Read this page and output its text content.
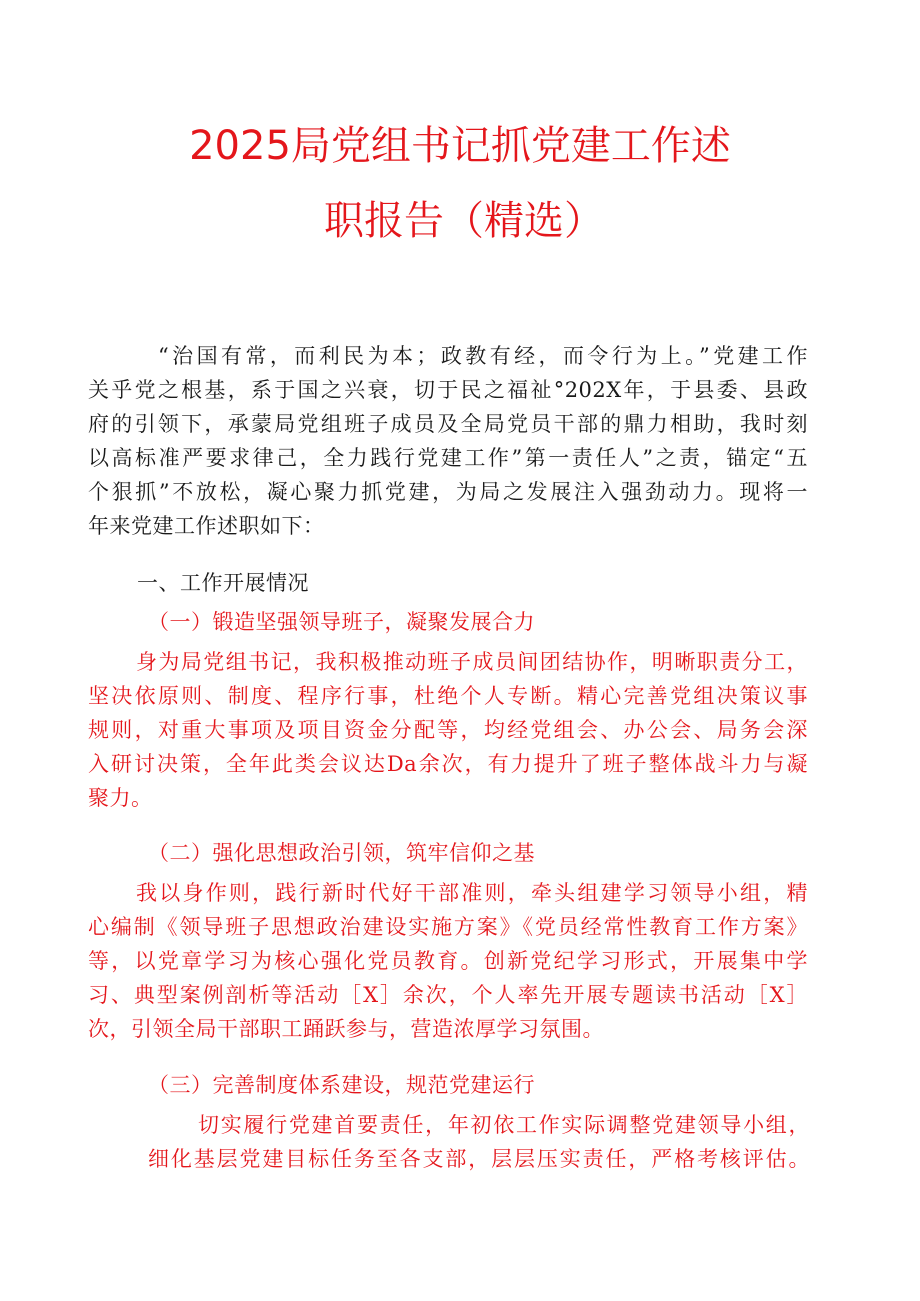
2025局党组书记抓党建工作述
职报告（精选）
“治国有常，而利民为本；政教有经，而令行为上。”党建工作
关乎党之根基，系于国之兴衰，切于民之福祉°202X年，于县委、县政
府的引领下，承蒙局党组班子成员及全局党员干部的鼎力相助，我时刻
以高标准严要求律己，全力践行党建工作”第一责任人”之责，锚定“五
个狠抓”不放松，凝心聚力抓党建，为局之发展注入强劲动力。现将一
年来党建工作述职如下：
一、工作开展情况
（一）锻造坚强领导班子，凝聚发展合力
身为局党组书记，我积极推动班子成员间团结协作，明晰职责分工，
坚决依原则、制度、程序行事，杜绝个人专断。精心完善党组决策议事
规则，对重大事项及项目资金分配等，均经党组会、办公会、局务会深
入研讨决策，全年此类会议达Da余次，有力提升了班子整体战斗力与凝
聚力。
（二）强化思想政治引领，筑牢信仰之基
我以身作则，践行新时代好干部准则，牵头组建学习领导小组，精
心编制《领导班子思想政治建设实施方案》《党员经常性教育工作方案》
等，以党章学习为核心强化党员教育。创新党纪学习形式，开展集中学
习、典型案例剖析等活动［X］余次，个人率先开展专题读书活动［X］
次，引领全局干部职工踊跃参与，营造浓厚学习氛围。
（三）完善制度体系建设，规范党建运行
切实履行党建首要责任，年初依工作实际调整党建领导小组，
细化基层党建目标任务至各支部，层层压实责任，严格考核评估。
